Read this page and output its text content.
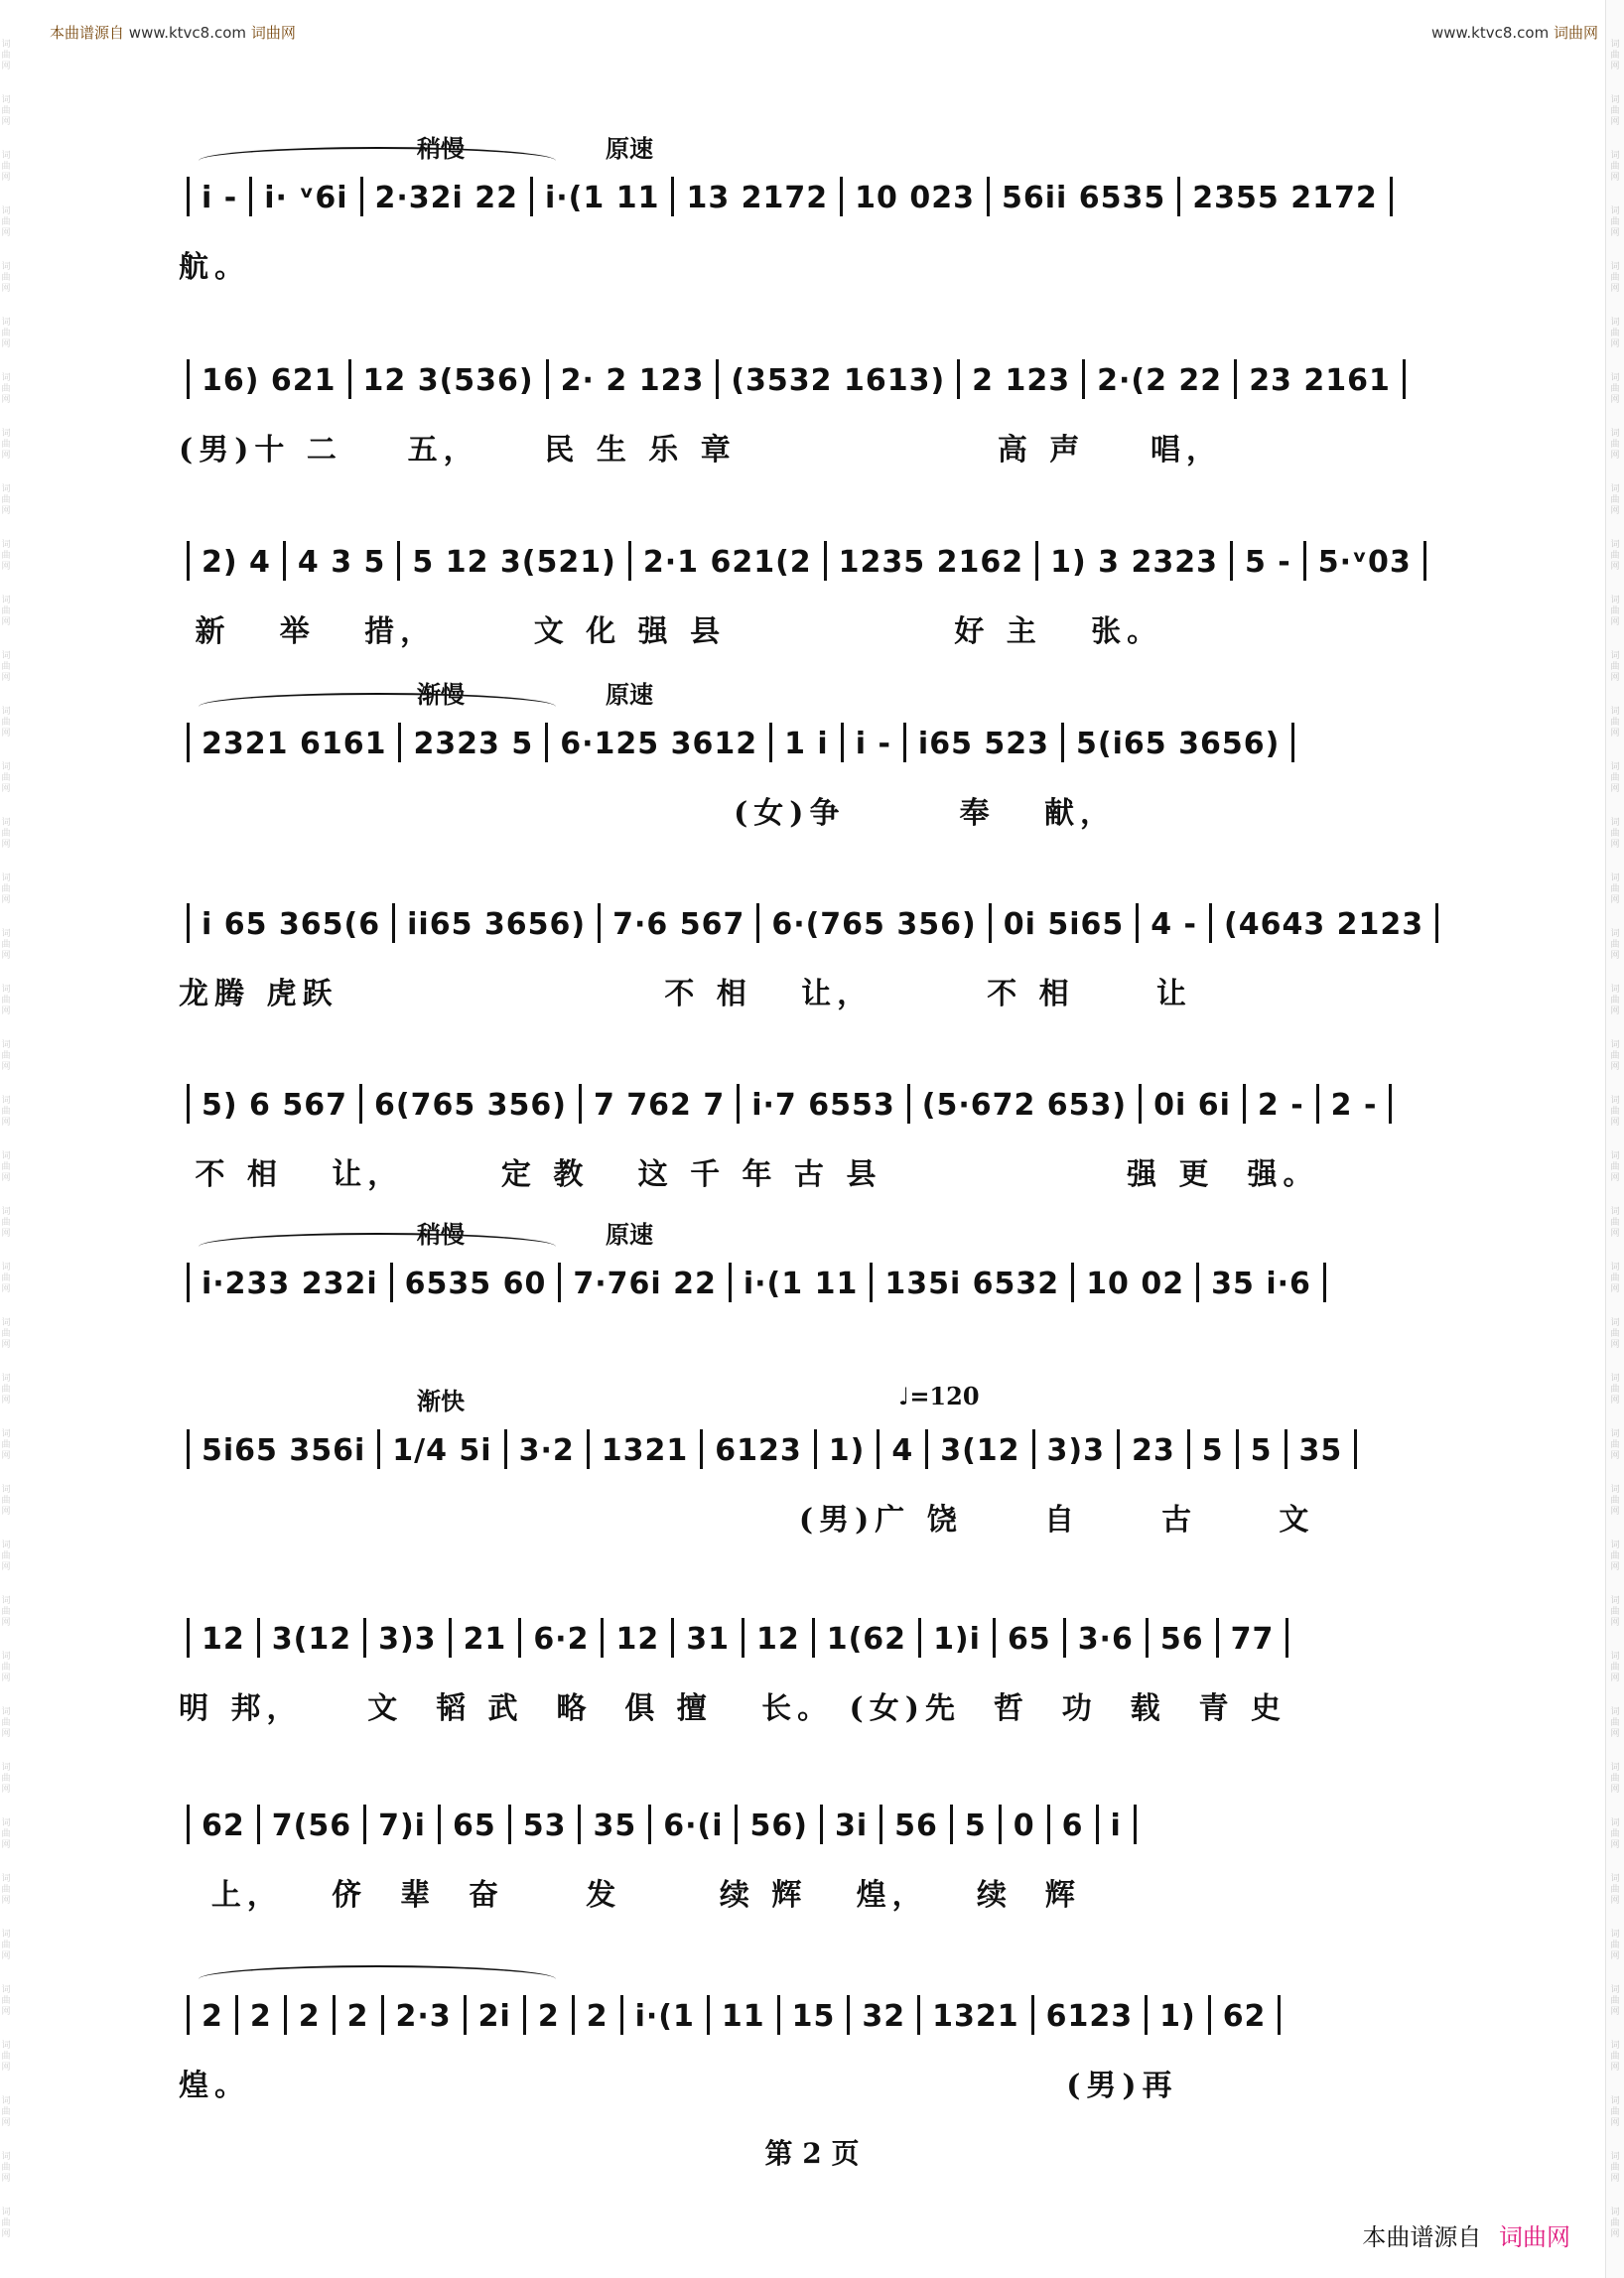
词
曲
网
词
曲
网
词
曲
网
词
曲
网
词
曲
网
词
曲
网
词
曲
网
词
曲
网
词
曲
网
词
曲
网
词
曲
网
词
曲
网
词
曲
网
词
曲
网
词
曲
网
词
曲
网
词
曲
网
词
曲
网
词
曲
网
词
曲
网
词
曲
网
词
曲
网
词
曲
网
词
曲
网
词
曲
网
词
曲
网
词
曲
网
词
曲
网
词
曲
网
词
曲
网
词
曲
网
词
曲
网
词
曲
网
词
曲
网
词
曲
网
词
曲
网
词
曲
网
词
曲
网
词
曲
网
词
曲
网
词
曲
网
词
曲
网
词
曲
网
词
曲
网
词
曲
网
词
曲
网
词
曲
网
词
曲
网
词
曲
网
词
曲
网
词
曲
网
词
曲
网
词
曲
网
词
曲
网
词
曲
网
词
曲
网
词
曲
网
词
曲
网
词
曲
网
词
曲
网
词
曲
网
词
曲
网
词
曲
网
词
曲
网
词
曲
网
词
曲
网
词
曲
网
词
曲
网
词
曲
网
词
曲
网
词
曲
网
词
曲
网
词
曲
网
词
曲
网
词
曲
网
词
曲
网
词
曲
网
词
曲
网
词
曲
网
词
曲
网
本曲谱源自 www.ktvc8.com 词曲网	www.ktvc8.com 词曲网
稍慢	原速
i - i· ᵛ6i 2·32i 22 i·(1 11 13 2172 10 023 56ii 6535 2355 2172
航。
16) 621 12 3(536) 2· 2 123 (3532 1613) 2 123 2·(2 22 23 2161
(男)十 二    五，    民 生 乐 章                高 声    唱，
2) 4 4 3 5 5 12 3(521) 2·1 621(2 1235 2162 1) 3 2323 5 - 5·ᵛ03
新   举   措，      文 化 强 县              好 主   张。
渐慢	原速
2321 6161 2323 5 6·125 3612 1 i i - i65 523 5(i65 3656)
(女)争       奉   献，
i 65 365(6 ii65 3656) 7·6 567 6·(765 356) 0i 5i65 4 - (4643 2123
龙腾 虎跃                    不 相   让，       不 相     让
5) 6 567 6(765 356) 7 762 7 i·7 6553 (5·672 653) 0i 6i 2 - 2 -
不 相   让，      定 教   这 千 年 古 县               强 更  强。
稍慢	原速
i·233 232i 6535 60 7·76i 22 i·(1 11 135i 6532 10 02 35 i·6
渐快	♩=120
5i65 356i 1/4 5i 3·2 1321 6123 1) 4 3(12 3)3 23 5 5 35
(男)广 饶     自     古     文
12 3(12 3)3 21 6·2 12 31 12 1(62 1)i 65 3·6 56 77
明 邦，    文  韬 武  略  俱 擅   长。 (女)先  哲  功  载  青 史
62 7(56 7)i 65 53 35 6·(i 56) 3i 56 5 0 6 i
上，   侪  辈  奋     发      续 辉   煌，   续  辉
2 2 2 2 2·3 2i 2 2 i·(1 11 15 32 1321 6123 1) 62
煌。                                                  (男)再
第 2 页
本曲谱源自 词曲网
